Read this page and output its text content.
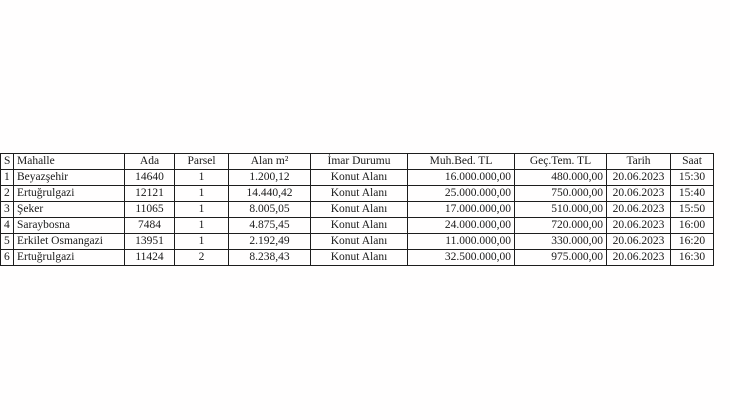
S	Mahalle	Ada	Parsel	Alan m²	İmar Durumu	Muh.Bed. TL	Geç.Tem. TL	Tarih	Saat
1	Beyazşehir	14640	1	1.200,12	Konut Alanı	16.000.000,00	480.000,00	20.06.2023	15:30
2	Ertuğrulgazi	12121	1	14.440,42	Konut Alanı	25.000.000,00	750.000,00	20.06.2023	15:40
3	Şeker	11065	1	8.005,05	Konut Alanı	17.000.000,00	510.000,00	20.06.2023	15:50
4	Saraybosna	7484	1	4.875,45	Konut Alanı	24.000.000,00	720.000,00	20.06.2023	16:00
5	Erkilet Osmangazi	13951	1	2.192,49	Konut Alanı	11.000.000,00	330.000,00	20.06.2023	16:20
6	Ertuğrulgazi	11424	2	8.238,43	Konut Alanı	32.500.000,00	975.000,00	20.06.2023	16:30
